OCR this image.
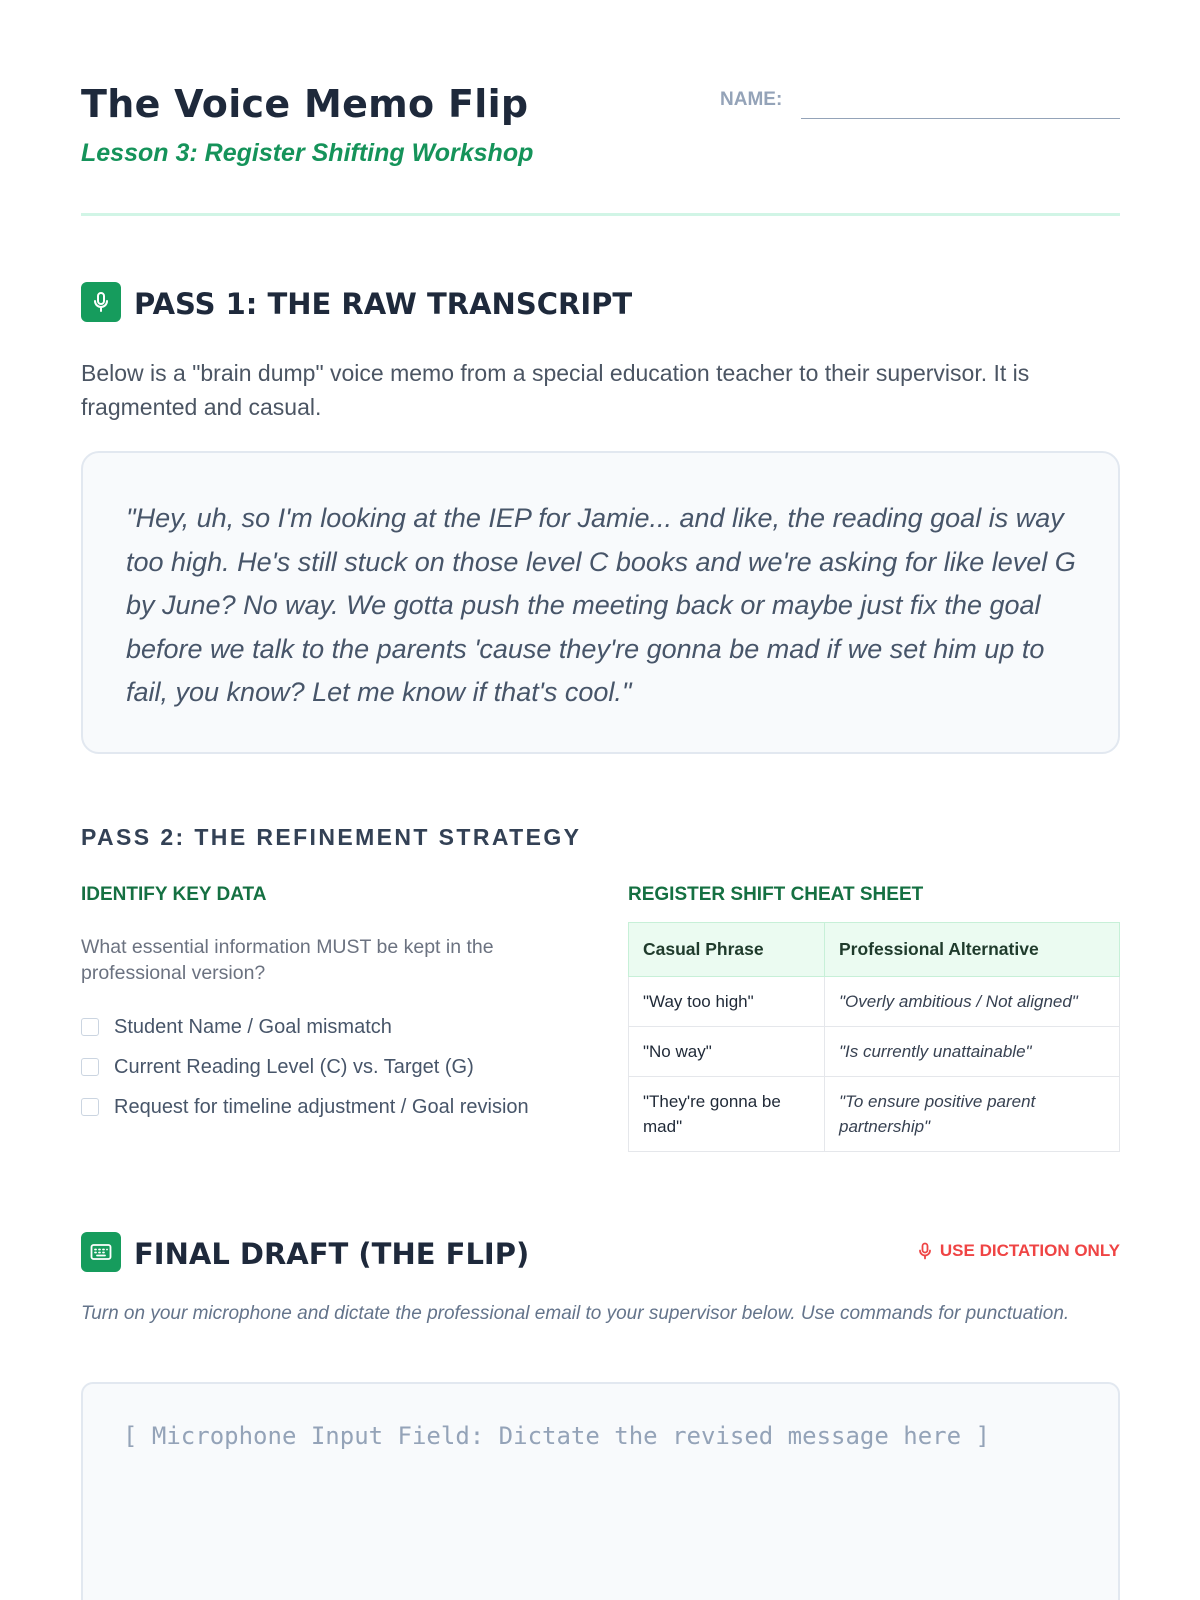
The Voice Memo Flip
Lesson 3: Register Shifting Workshop
NAME:
PASS 1: THE RAW TRANSCRIPT

Below is a "brain dump" voice memo from a special education teacher to their supervisor. It is fragmented and casual.

"Hey, uh, so I'm looking at the IEP for Jamie... and like, the reading goal is way too high. He's still stuck on those level C books and we're asking for like level G by June? No way. We gotta push the meeting back or maybe just fix the goal before we talk to the parents 'cause they're gonna be mad if we set him up to fail, you know? Let me know if that's cool."

PASS 2: THE REFINEMENT STRATEGY
IDENTIFY KEY DATA

What essential information MUST be kept in the professional version?

Student Name / Goal mismatch
Current Reading Level (C) vs. Target (G)
Request for timeline adjustment / Goal revision
REGISTER SHIFT CHEAT SHEET
Casual Phrase	Professional Alternative
"Way too high"	"Overly ambitious / Not aligned"
"No way"	"Is currently unattainable"
"They're gonna be mad"	"To ensure positive parent partnership"
FINAL DRAFT (THE FLIP)	USE DICTATION ONLY

Turn on your microphone and dictate the professional email to your supervisor below. Use commands for punctuation.

[ Microphone Input Field: Dictate the revised message here ]
